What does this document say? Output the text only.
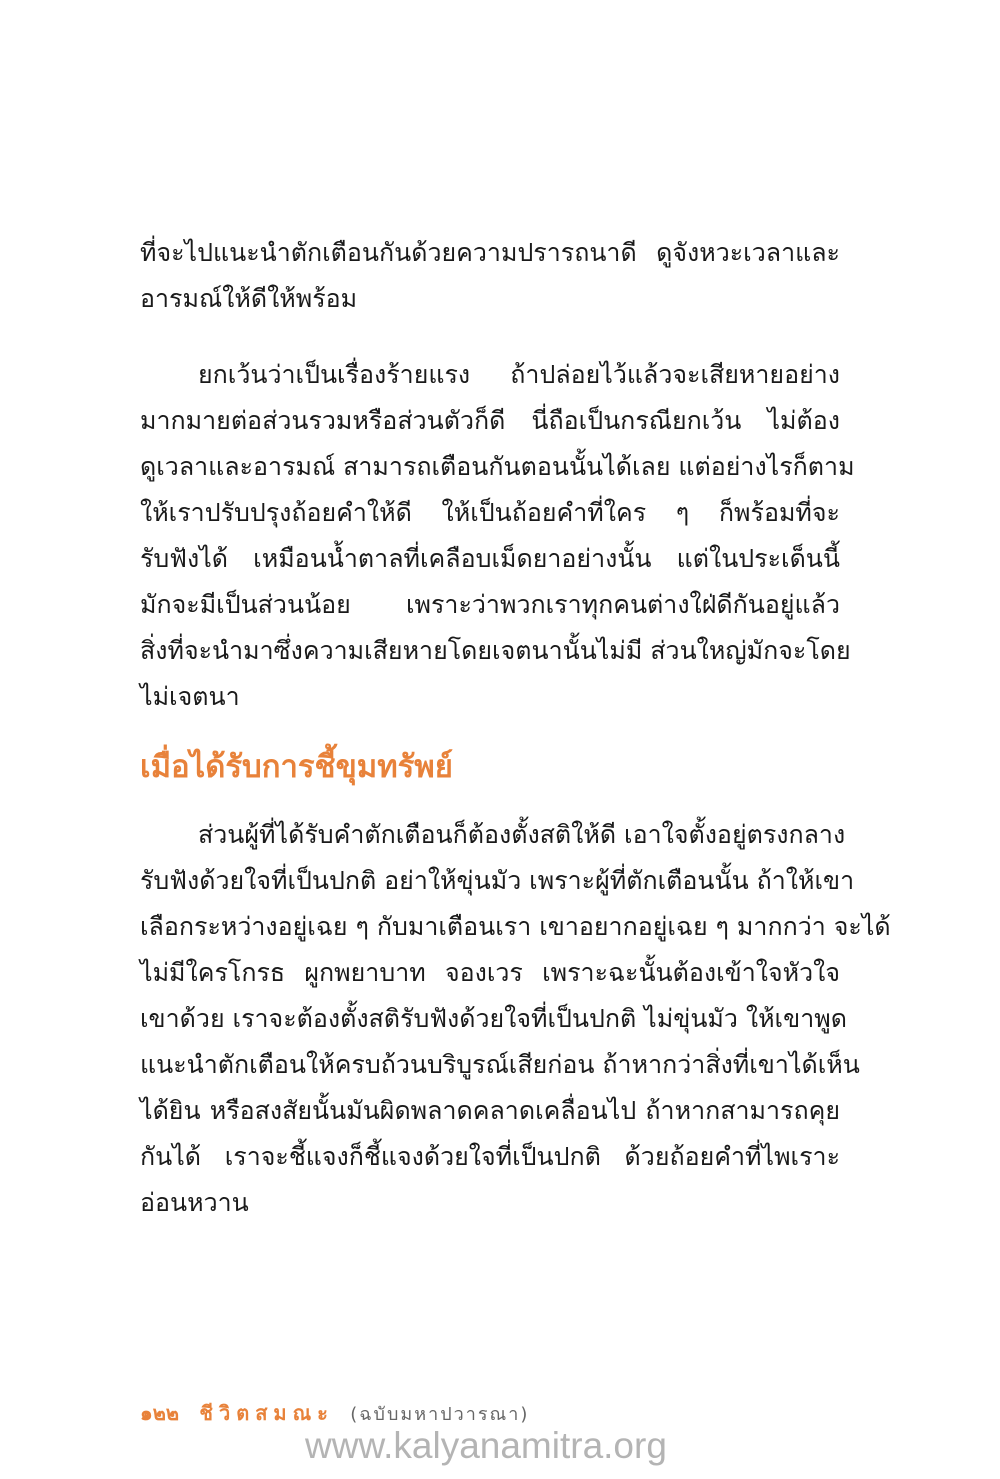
ที่จะไปแนะนำตักเตือนกันด้วยความปรารถนาดี ดูจังหวะเวลาและ
อารมณ์ให้ดีให้พร้อม

ยกเว้นว่าเป็นเรื่องร้ายแรง ถ้าปล่อยไว้แล้วจะเสียหายอย่าง
มากมายต่อส่วนรวมหรือส่วนตัวก็ดี นี่ถือเป็นกรณียกเว้น ไม่ต้อง
ดูเวลาและอารมณ์ สามารถเตือนกันตอนนั้นได้เลย แต่อย่างไรก็ตาม
ให้เราปรับปรุงถ้อยคำให้ดี ให้เป็นถ้อยคำที่ใคร ๆ ก็พร้อมที่จะ
รับฟังได้ เหมือนน้ำตาลที่เคลือบเม็ดยาอย่างนั้น แต่ในประเด็นนี้
มักจะมีเป็นส่วนน้อย เพราะว่าพวกเราทุกคนต่างใฝ่ดีกันอยู่แล้ว
สิ่งที่จะนำมาซึ่งความเสียหายโดยเจตนานั้นไม่มี ส่วนใหญ่มักจะโดย
ไม่เจตนา

เมื่อได้รับการชี้ขุมทรัพย์

ส่วนผู้ที่ได้รับคำตักเตือนก็ต้องตั้งสติให้ดี เอาใจตั้งอยู่ตรงกลาง
รับฟังด้วยใจที่เป็นปกติ อย่าให้ขุ่นมัว เพราะผู้ที่ตักเตือนนั้น ถ้าให้เขา
เลือกระหว่างอยู่เฉย ๆ กับมาเตือนเรา เขาอยากอยู่เฉย ๆ มากกว่า จะได้
ไม่มีใครโกรธ ผูกพยาบาท จองเวร เพราะฉะนั้นต้องเข้าใจหัวใจ
เขาด้วย เราจะต้องตั้งสติรับฟังด้วยใจที่เป็นปกติ ไม่ขุ่นมัว ให้เขาพูด
แนะนำตักเตือนให้ครบถ้วนบริบูรณ์เสียก่อน ถ้าหากว่าสิ่งที่เขาได้เห็น
ได้ยิน หรือสงสัยนั้นมันผิดพลาดคลาดเคลื่อนไป ถ้าหากสามารถคุย
กันได้ เราจะชี้แจงก็ชี้แจงด้วยใจที่เป็นปกติ ด้วยถ้อยคำที่ไพเราะ
อ่อนหวาน

๑๒๒ ชีวิตสมณะ (ฉบับมหาปวารณา)
www.kalyanamitra.org
